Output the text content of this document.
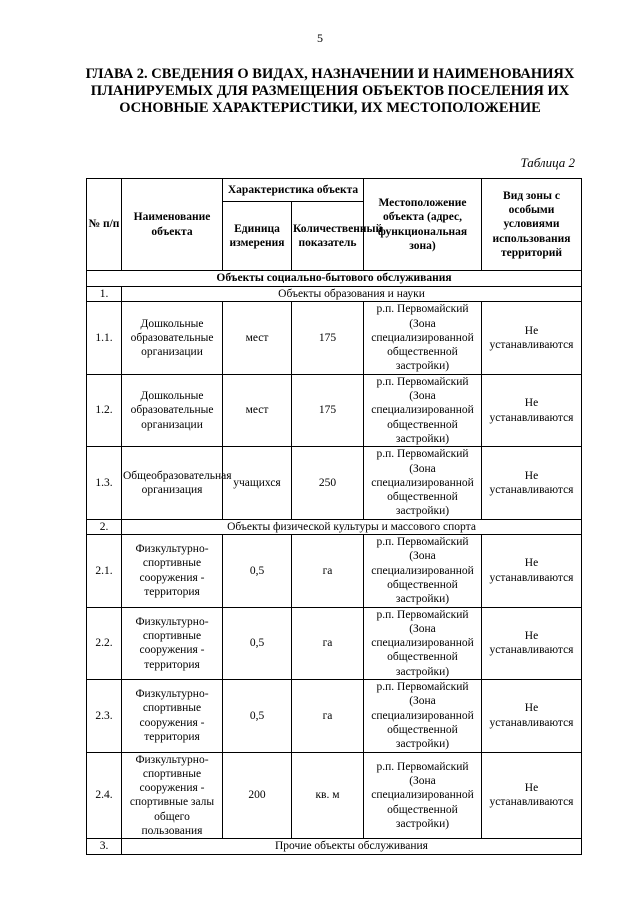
5
ГЛАВА 2. СВЕДЕНИЯ О ВИДАХ, НАЗНАЧЕНИИ И НАИМЕНОВАНИЯХ ПЛАНИРУЕМЫХ ДЛЯ РАЗМЕЩЕНИЯ ОБЪЕКТОВ ПОСЕЛЕНИЯ ИХ ОСНОВНЫЕ ХАРАКТЕРИСТИКИ, ИХ МЕСТОПОЛОЖЕНИЕ
Таблица 2
№ п/п	Наименование объекта	Характеристика объекта		Местоположение объекта (адрес, функциональная зона)	Вид зоны с особыми условиями использования территорий
		Единица измерения	Количественный показатель		
Объекты социально-бытового обслуживания					
1.	Объекты образования и науки				
1.1.	Дошкольные образовательные организации	мест	175	р.п. Первомайский (Зона специализированной общественной застройки)	Не устанавливаются
1.2.	Дошкольные образовательные организации	мест	175	р.п. Первомайский (Зона специализированной общественной застройки)	Не устанавливаются
1.3.	Общеобразовательная организация	учащихся	250	р.п. Первомайский (Зона специализированной общественной застройки)	Не устанавливаются
2.	Объекты физической культуры и массового спорта				
2.1.	Физкультурно-спортивные сооружения - территория	0,5	га	р.п. Первомайский (Зона специализированной общественной застройки)	Не устанавливаются
2.2.	Физкультурно-спортивные сооружения - территория	0,5	га	р.п. Первомайский (Зона специализированной общественной застройки)	Не устанавливаются
2.3.	Физкультурно-спортивные сооружения - территория	0,5	га	р.п. Первомайский (Зона специализированной общественной застройки)	Не устанавливаются
2.4.	Физкультурно-спортивные сооружения - спортивные залы общего пользования	200	кв. м	р.п. Первомайский (Зона специализированной общественной застройки)	Не устанавливаются
3.	Прочие объекты обслуживания				
